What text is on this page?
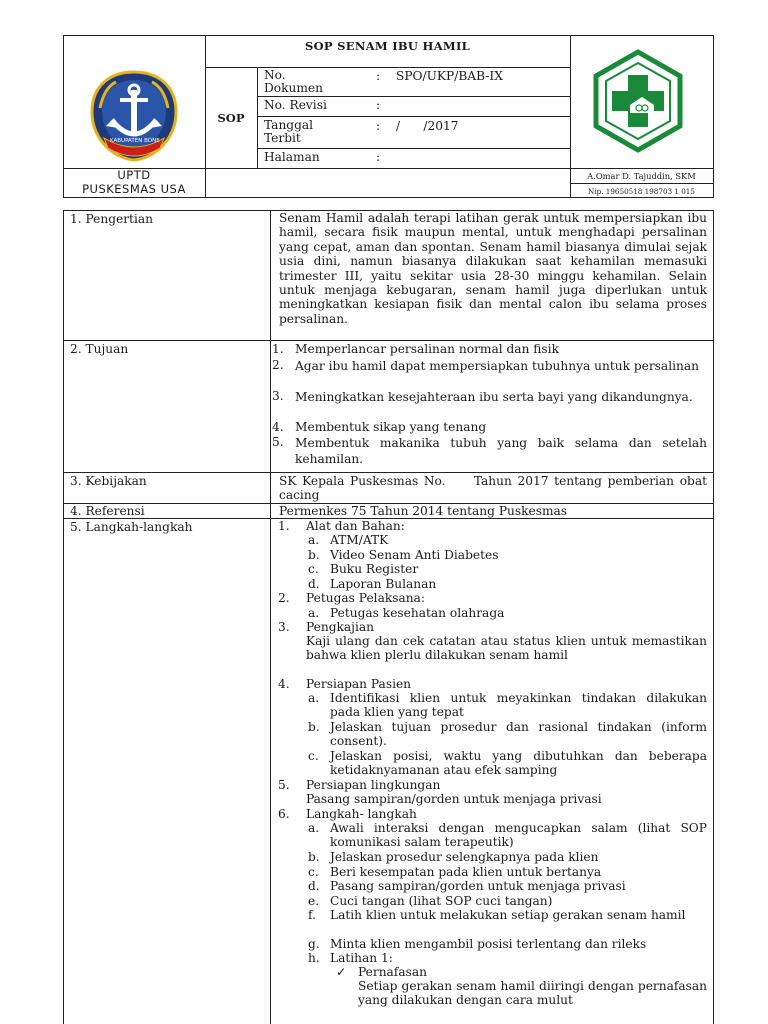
KABUPATEN BONE
SOP SENAM IBU HAMIL
SOP
No. Dokumen
: SPO/UKP/BAB-IX
No. Revisi	:
Tanggal Terbit
: /      /2017
Halaman	:
UPTD
PUSKESMAS USA
A.Omar D. Tajuddin, SKM
Nip. 19650518 198703 1 015
1. Pengertian
2. Tujuan
3. Kebijakan
4. Referensi
5. Langkah-langkah
Senam Hamil adalah terapi latihan gerak untuk mempersiapkan ibu hamil, secara fisik maupun mental, untuk menghadapi persalinan yang cepat, aman dan spontan. Senam hamil biasanya dimulai sejak usia dini, namun biasanya dilakukan saat kehamilan memasuki trimester III, yaitu sekitar usia 28-30 minggu kehamilan. Selain untuk menjaga kebugaran, senam hamil juga diperlukan untuk meningkatkan kesiapan fisik dan mental calon ibu selama proses persalinan.
1. Memperlancar persalinan normal dan fisik
2. Agar ibu hamil dapat mempersiapkan tubuhnya untuk persalinan
3. Meningkatkan kesejahteraan ibu serta bayi yang dikandungnya.
4. Membentuk sikap yang tenang
5. Membentuk makanika tubuh yang baik selama dan setelah kehamilan.
SK Kepala Puskesmas No.     Tahun 2017 tentang pemberian obat cacing
Permenkes 75 Tahun 2014 tentang Puskesmas
1. Alat dan Bahan:
a. ATM/ATK
b. Video Senam Anti Diabetes
c. Buku Register
d. Laporan Bulanan
2. Petugas Pelaksana:
a. Petugas kesehatan olahraga
3. Pengkajian
Kaji ulang dan cek catatan atau status klien untuk memastikan bahwa klien plerlu dilakukan senam hamil
4. Persiapan Pasien
a. Identifikasi klien untuk meyakinkan tindakan dilakukan pada klien yang tepat
b. Jelaskan tujuan prosedur dan rasional tindakan (inform consent).
c. Jelaskan posisi, waktu yang dibutuhkan dan beberapa ketidaknyamanan atau efek samping
5. Persiapan lingkungan
Pasang sampiran/gorden untuk menjaga privasi
6. Langkah- langkah
a. Awali interaksi dengan mengucapkan salam (lihat SOP komunikasi salam terapeutik)
b. Jelaskan prosedur selengkapnya pada klien
c. Beri kesempatan pada klien untuk bertanya
d. Pasang sampiran/gorden untuk menjaga privasi
e. Cuci tangan (lihat SOP cuci tangan)
f. Latih klien untuk melakukan setiap gerakan senam hamil
g. Minta klien mengambil posisi terlentang dan rileks
h. Latihan 1:
✓ Pernafasan
Setiap gerakan senam hamil diiringi dengan pernafasan yang dilakukan dengan cara mulut
